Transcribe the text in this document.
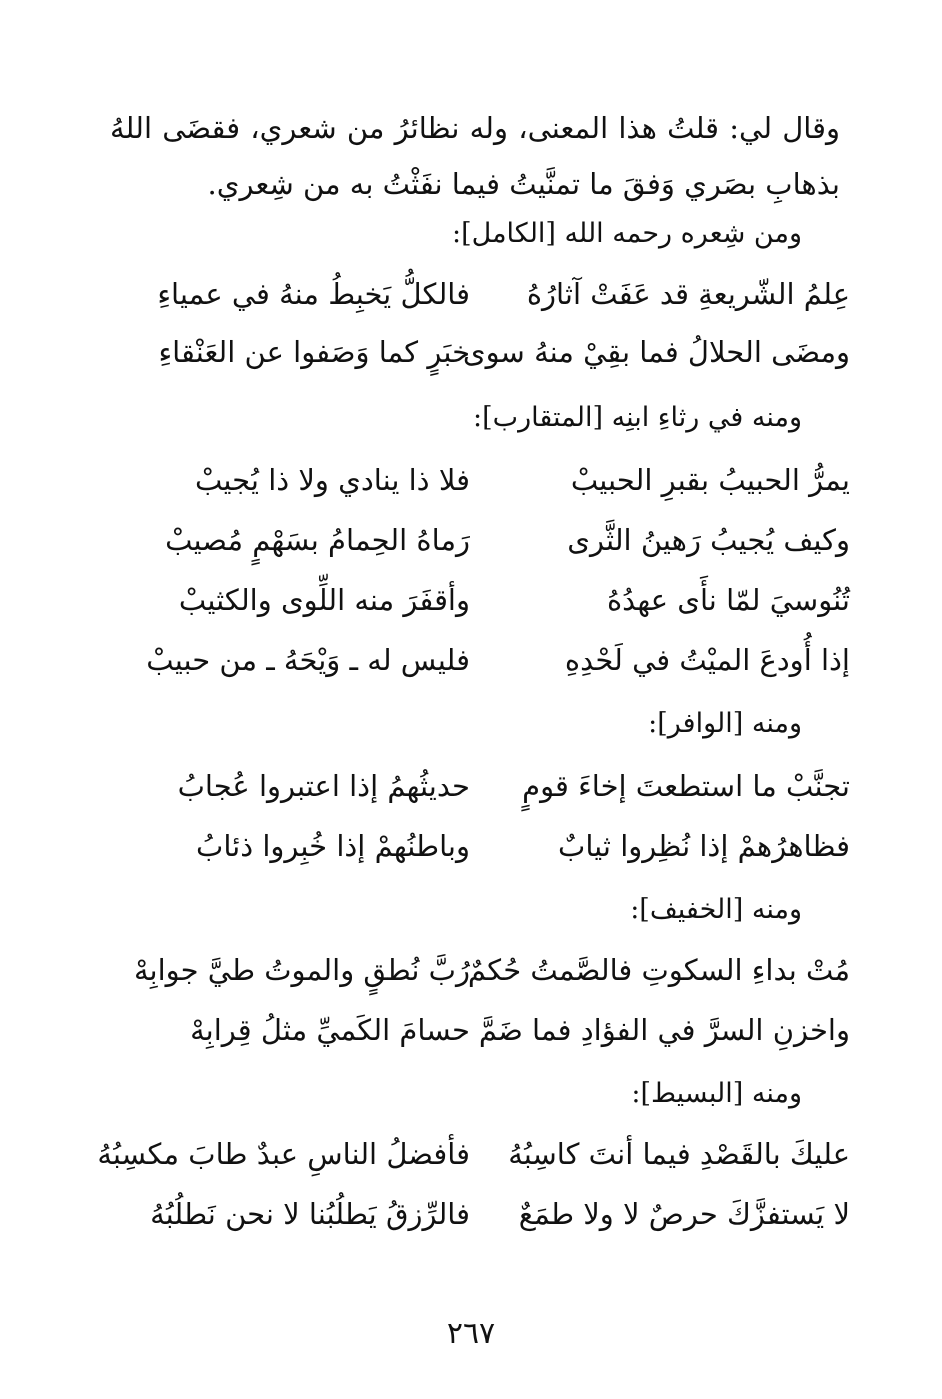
وقال لي: قلتُ هذا المعنى، وله نظائرُ من شعري، فقضَى اللهُ بذهابِ بصَري وَفقَ ما تمنَّيتُ فيما نفَثْتُ به من شِعري.

ومن شِعره رحمه الله [الكامل]:
عِلمُ الشّريعةِ قد عَفَتْ آثارُهُ
فالكلُّ يَخبِطُ منهُ في عمياءِ
ومضَى الحلالُ فما بقِيْ منهُ سوى
خبَرٍ كما وَصَفوا عن العَنْقاءِ
ومنه في رثاءِ ابنِه [المتقارب]:
يمرُّ الحبيبُ بقبرِ الحبيبْ
فلا ذا ينادي ولا ذا يُجيبْ
وكيف يُجيبُ رَهينُ الثَّرى
رَماهُ الحِمامُ بسَهْمٍ مُصيبْ
تُنُوسيَ لمّا نأَى عهدُهُ
وأقفَرَ منه اللِّوى والكثيبْ
إذا أُودعَ الميْتُ في لَحْدِهِ
فليس له ـ وَيْحَهُ ـ من حبيبْ
ومنه [الوافر]:
تجنَّبْ ما استطعتَ إخاءَ قومٍ
حديثُهمُ إذا اعتبروا عُجابُ
فظاهرُهمْ إذا نُظِروا ثيابٌ
وباطنُهمْ إذا خُبِروا ذئابُ
ومنه [الخفيف]:
مُتْ بداءِ السكوتِ فالصَّمتُ حُكمٌ
رُبَّ نُطقٍ والموتُ طيَّ جوابِهْ
واخزنِ السرَّ في الفؤادِ فما ضَمَّ
حسامَ الكَميِّ مثلُ قِرابِهْ
ومنه [البسيط]:
عليكَ بالقَصْدِ فيما أنتَ كاسِبُهُ
فأفضلُ الناسِ عبدٌ طابَ مكسِبُهُ
لا يَستفزَّكَ حرصٌ لا ولا طمَعٌ
فالرِّزقُ يَطلُبُنا لا نحن نَطلُبُهُ
٢٦٧
